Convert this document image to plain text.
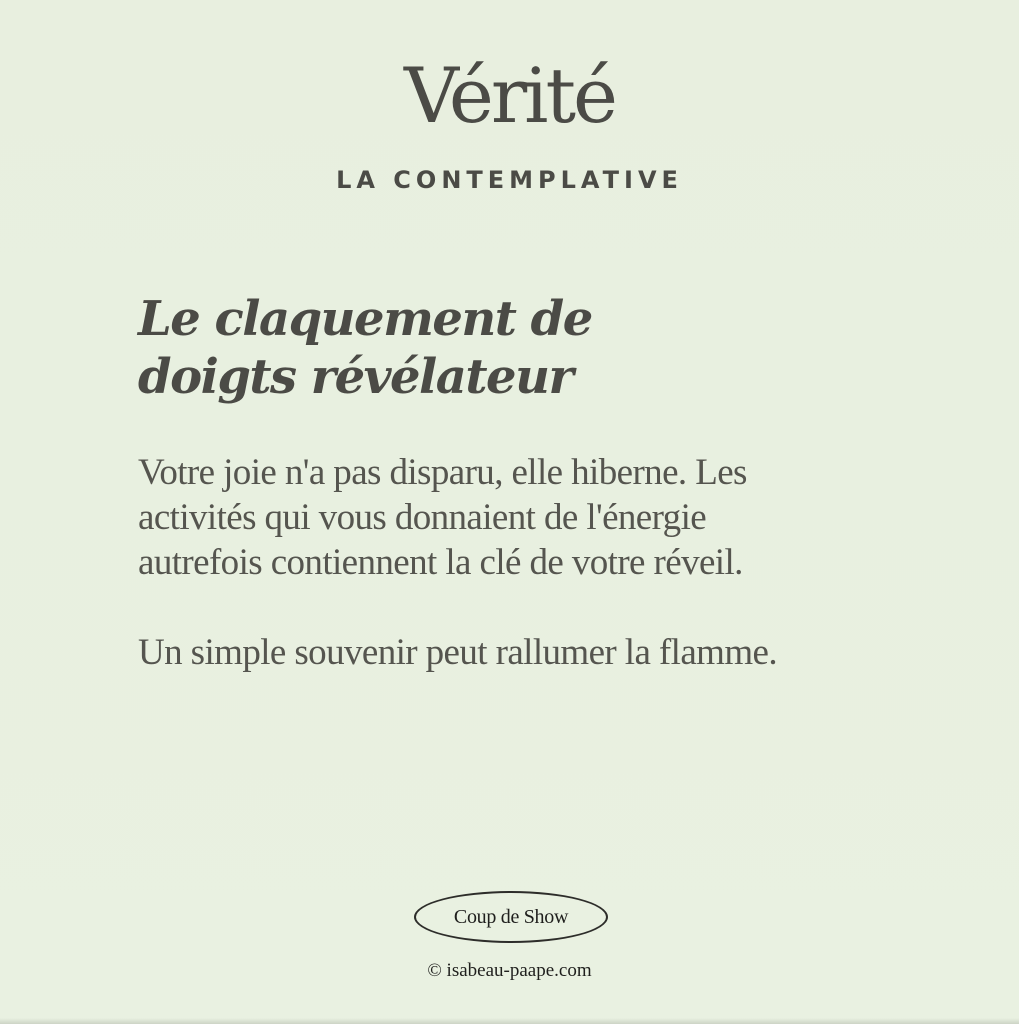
Vérité

LA CONTEMPLATIVE

Le claquement de
doigts révélateur
Votre joie n'a pas disparu, elle hiberne. Les
activités qui vous donnaient de l'énergie
autrefois contiennent la clé de votre réveil.
Un simple souvenir peut rallumer la flamme.
Coup de Show

© isabeau-paape.com
